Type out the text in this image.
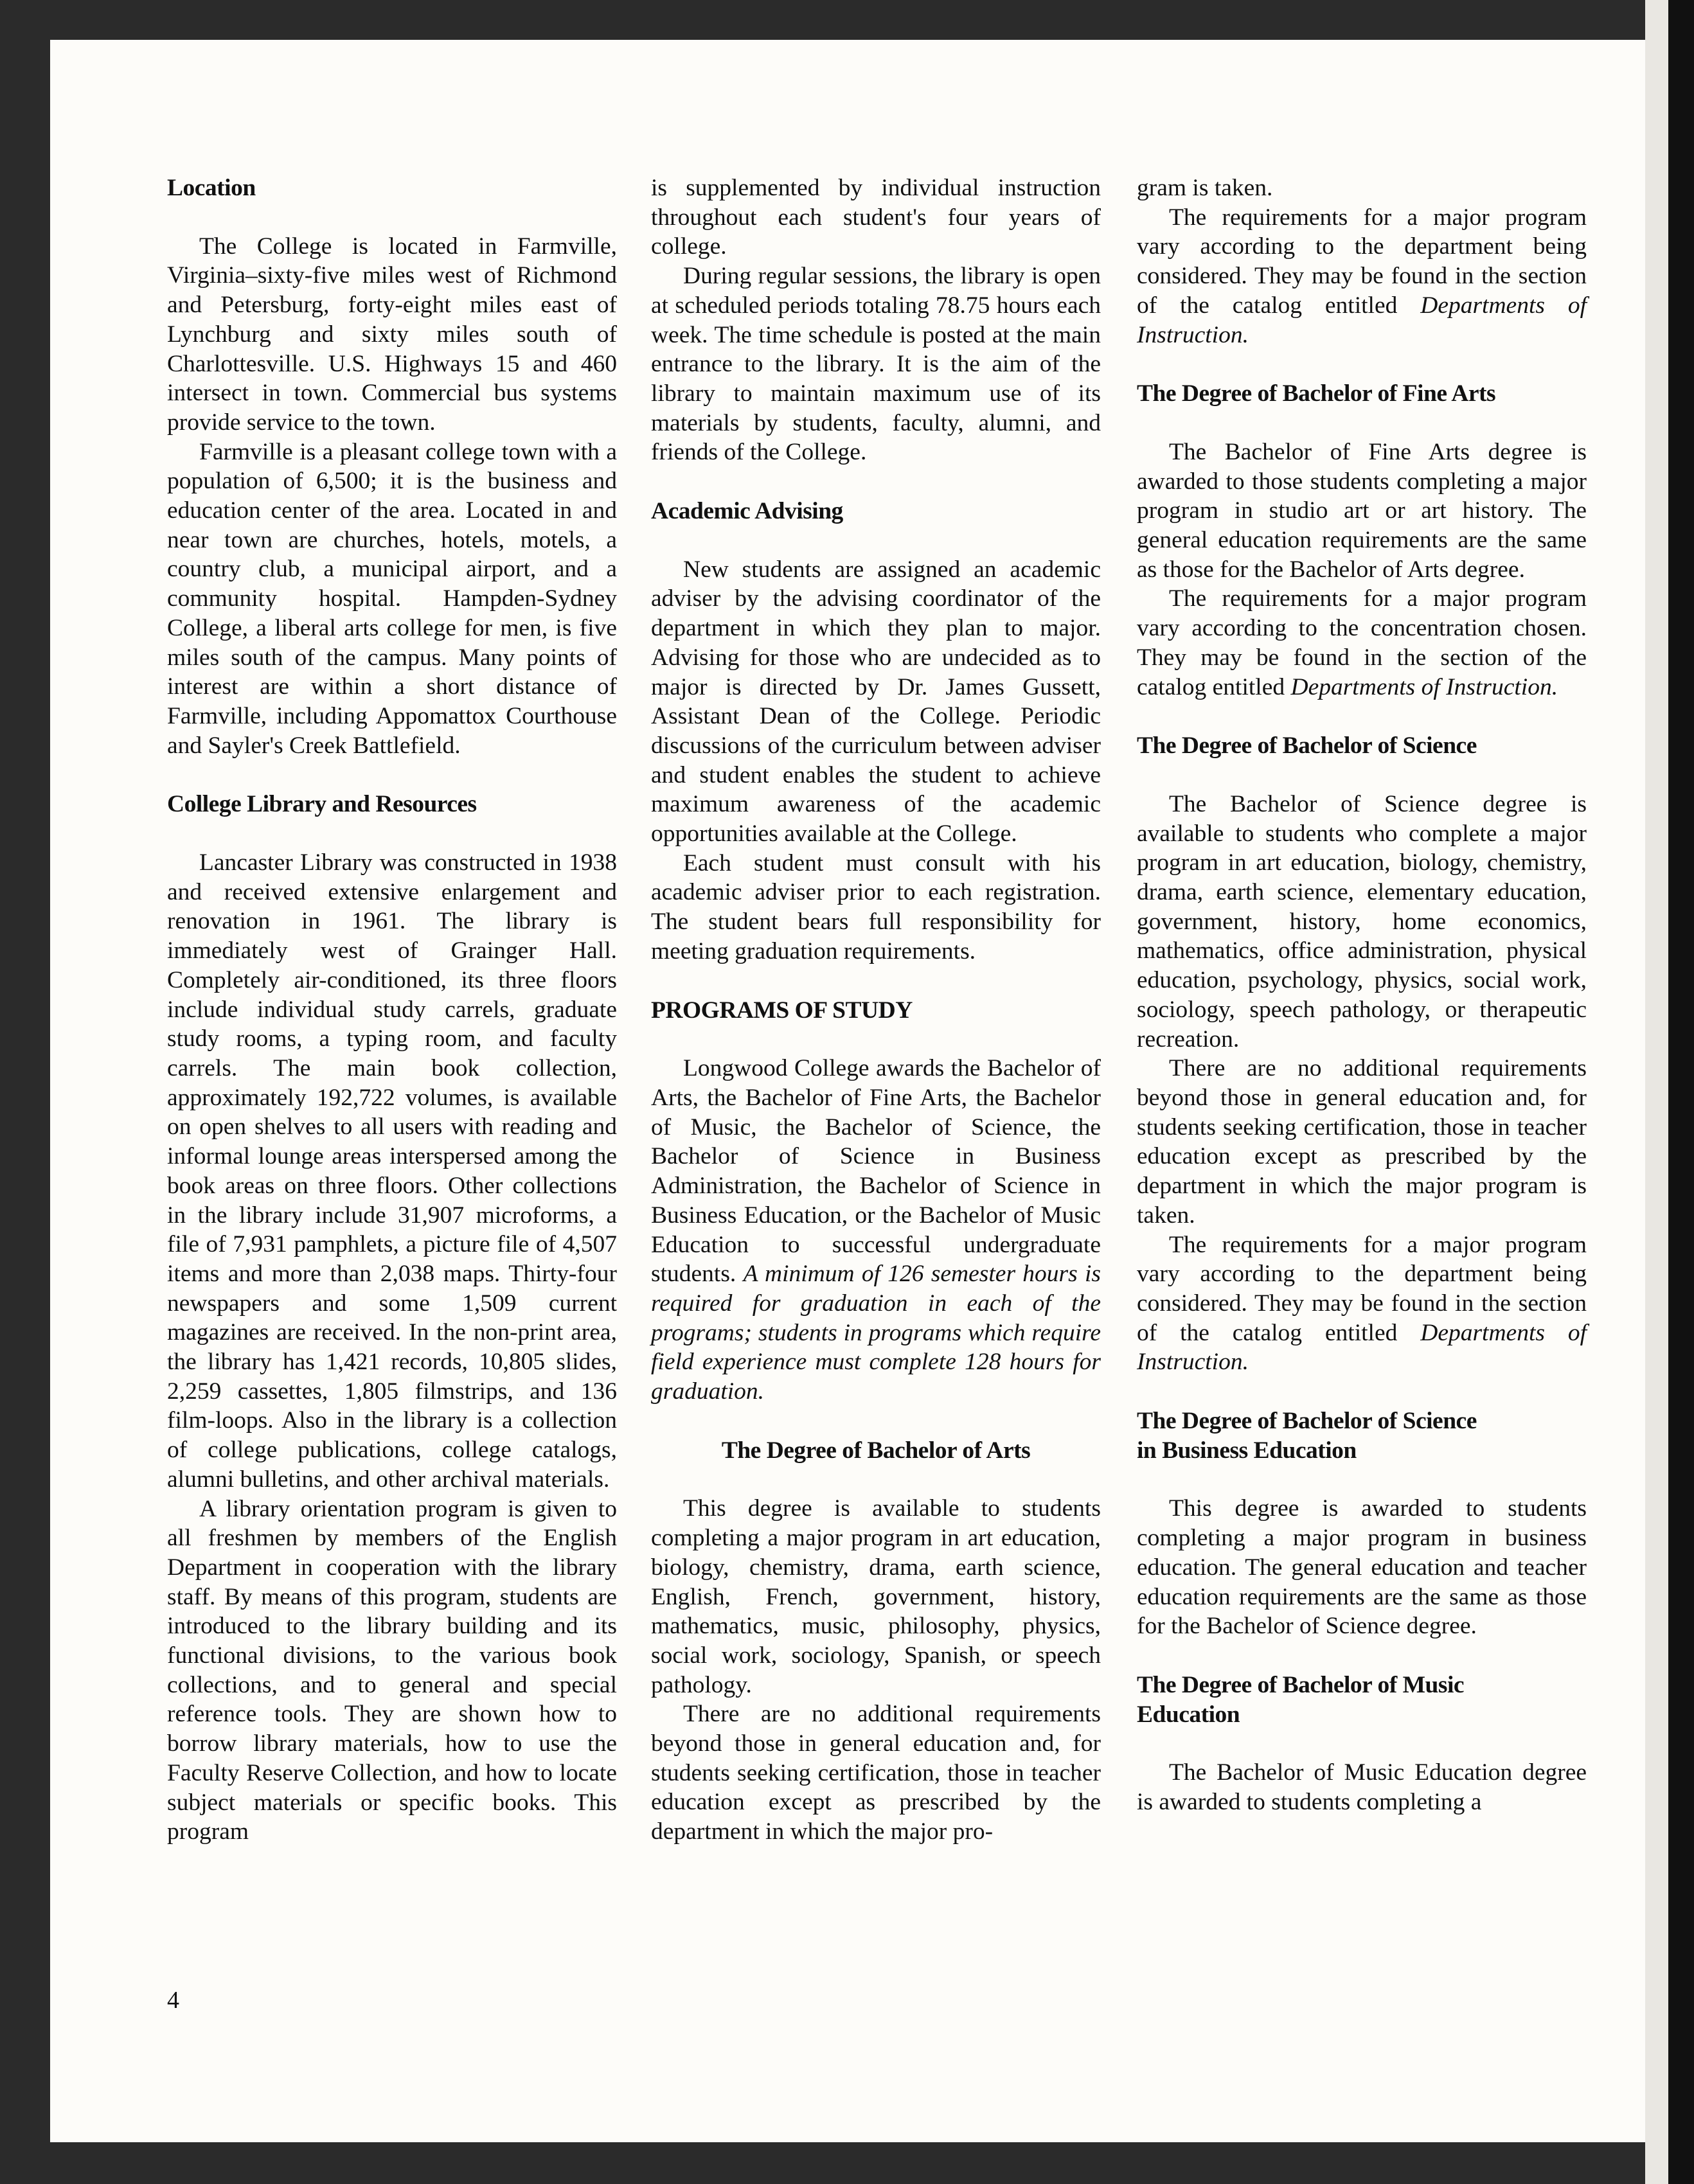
Location

The College is located in Farmville, Virginia–sixty-five miles west of Richmond and Petersburg, forty-eight miles east of Lynchburg and sixty miles south of Charlottesville. U.S. Highways 15 and 460 intersect in town. Commercial bus systems provide service to the town.

Farmville is a pleasant college town with a population of 6,500; it is the business and education center of the area. Located in and near town are churches, hotels, motels, a country club, a municipal airport, and a community hospital. Hampden-Sydney College, a liberal arts college for men, is five miles south of the campus. Many points of interest are within a short distance of Farmville, including Appomattox Courthouse and Sayler's Creek Battlefield.

College Library and Resources

Lancaster Library was constructed in 1938 and received extensive enlargement and renovation in 1961. The library is immediately west of Grainger Hall. Completely air-conditioned, its three floors include individual study carrels, graduate study rooms, a typing room, and faculty carrels. The main book collection, approximately 192,722 volumes, is available on open shelves to all users with reading and informal lounge areas interspersed among the book areas on three floors. Other collections in the library include 31,907 microforms, a file of 7,931 pamphlets, a picture file of 4,507 items and more than 2,038 maps. Thirty-four newspapers and some 1,509 current magazines are received. In the non-print area, the library has 1,421 records, 10,805 slides, 2,259 cassettes, 1,805 filmstrips, and 136 film-loops. Also in the library is a collection of college publications, college catalogs, alumni bulletins, and other archival materials.

A library orientation program is given to all freshmen by members of the English Department in cooperation with the library staff. By means of this program, students are introduced to the library building and its functional divisions, to the various book collections, and to general and special reference tools. They are shown how to borrow library materials, how to use the Faculty Reserve Collection, and how to locate subject materials or specific books. This program

is supplemented by individual instruction throughout each student's four years of college.

During regular sessions, the library is open at scheduled periods totaling 78.75 hours each week. The time schedule is posted at the main entrance to the library. It is the aim of the library to maintain maximum use of its materials by students, faculty, alumni, and friends of the College.

Academic Advising

New students are assigned an academic adviser by the advising coordinator of the department in which they plan to major. Advising for those who are undecided as to major is directed by Dr. James Gussett, Assistant Dean of the College. Periodic discussions of the curriculum between adviser and student enables the student to achieve maximum awareness of the academic opportunities available at the College.

Each student must consult with his academic adviser prior to each registration. The student bears full responsibility for meeting graduation requirements.

PROGRAMS OF STUDY

Longwood College awards the Bachelor of Arts, the Bachelor of Fine Arts, the Bachelor of Music, the Bachelor of Science, the Bachelor of Science in Business Administration, the Bachelor of Science in Business Education, or the Bachelor of Music Education to successful undergraduate students. A minimum of 126 semester hours is required for graduation in each of the programs; students in programs which require field experience must complete 128 hours for graduation.

The Degree of Bachelor of Arts

This degree is available to students completing a major program in art education, biology, chemistry, drama, earth science, English, French, government, history, mathematics, music, philosophy, physics, social work, sociology, Spanish, or speech pathology.

There are no additional requirements beyond those in general education and, for students seeking certification, those in teacher education except as prescribed by the department in which the major pro-

gram is taken.

The requirements for a major program vary according to the department being considered. They may be found in the section of the catalog entitled Departments of Instruction.

The Degree of Bachelor of Fine Arts

The Bachelor of Fine Arts degree is awarded to those students completing a major program in studio art or art history. The general education requirements are the same as those for the Bachelor of Arts degree.

The requirements for a major program vary according to the concentration chosen. They may be found in the section of the catalog entitled Departments of Instruction.

The Degree of Bachelor of Science

The Bachelor of Science degree is available to students who complete a major program in art education, biology, chemistry, drama, earth science, elementary education, government, history, home economics, mathematics, office administration, physical education, psychology, physics, social work, sociology, speech pathology, or therapeutic recreation.

There are no additional requirements beyond those in general education and, for students seeking certification, those in teacher education except as prescribed by the department in which the major program is taken.

The requirements for a major program vary according to the department being considered. They may be found in the section of the catalog entitled Departments of Instruction.

The Degree of Bachelor of Science
in Business Education

This degree is awarded to students completing a major program in business education. The general education and teacher education requirements are the same as those for the Bachelor of Science degree.

The Degree of Bachelor of Music
Education

The Bachelor of Music Education degree is awarded to students completing a

4
